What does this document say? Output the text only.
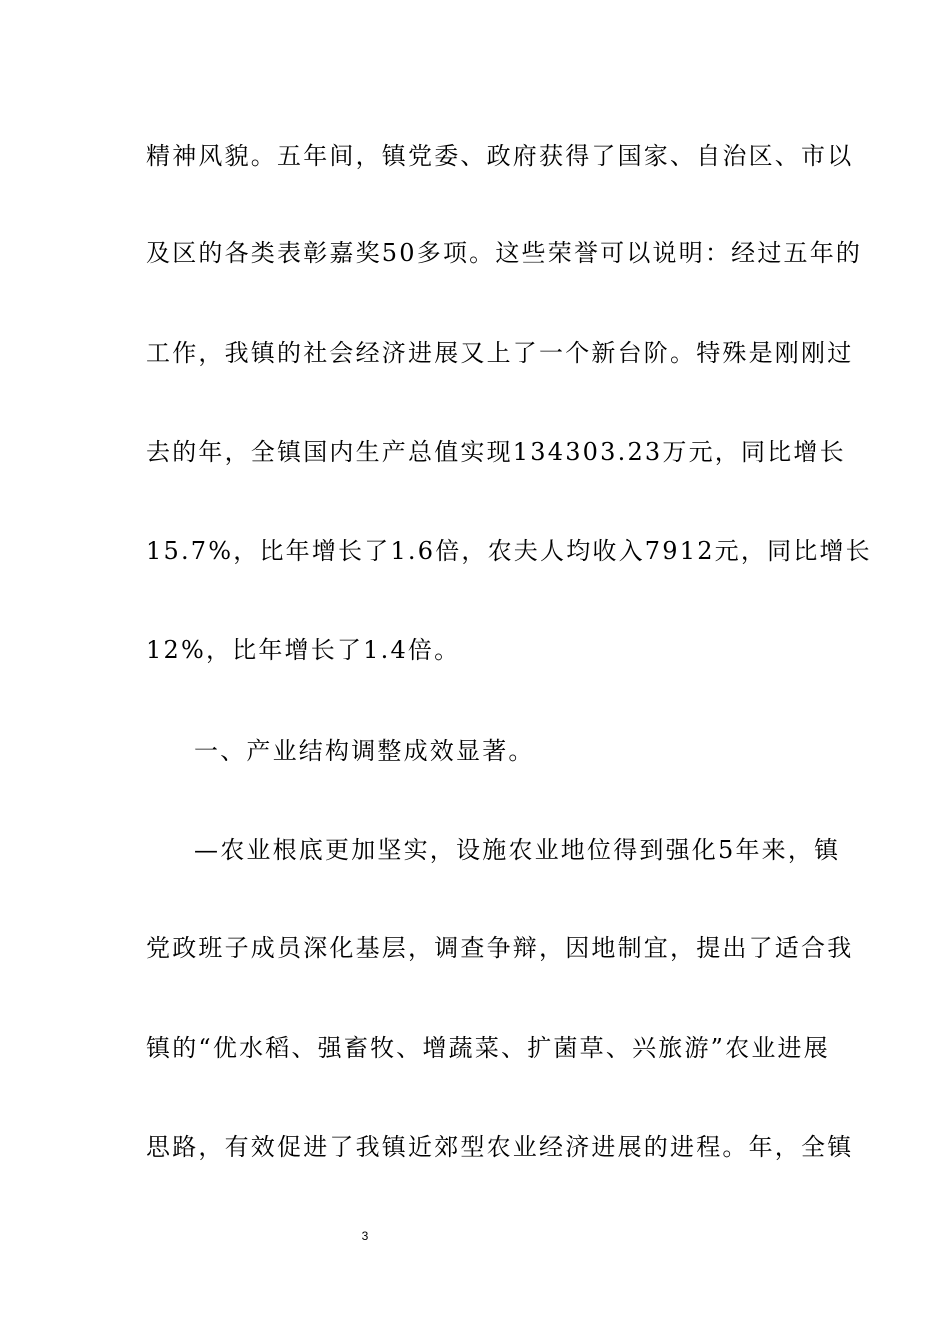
精神风貌。五年间，镇党委、政府获得了国家、自治区、市以
及区的各类表彰嘉奖50多项。这些荣誉可以说明：经过五年的
工作，我镇的社会经济进展又上了一个新台阶。特殊是刚刚过
去的年，全镇国内生产总值实现134303.23万元，同比增长
15.7%，比年增长了1.6倍，农夫人均收入7912元，同比增长
12%，比年增长了1.4倍。
一、产业结构调整成效显著。
—农业根底更加坚实，设施农业地位得到强化5年来，镇
党政班子成员深化基层，调查争辩，因地制宜，提出了适合我
镇的“优水稻、强畜牧、增蔬菜、扩菌草、兴旅游”农业进展
思路，有效促进了我镇近郊型农业经济进展的进程。年，全镇
3
